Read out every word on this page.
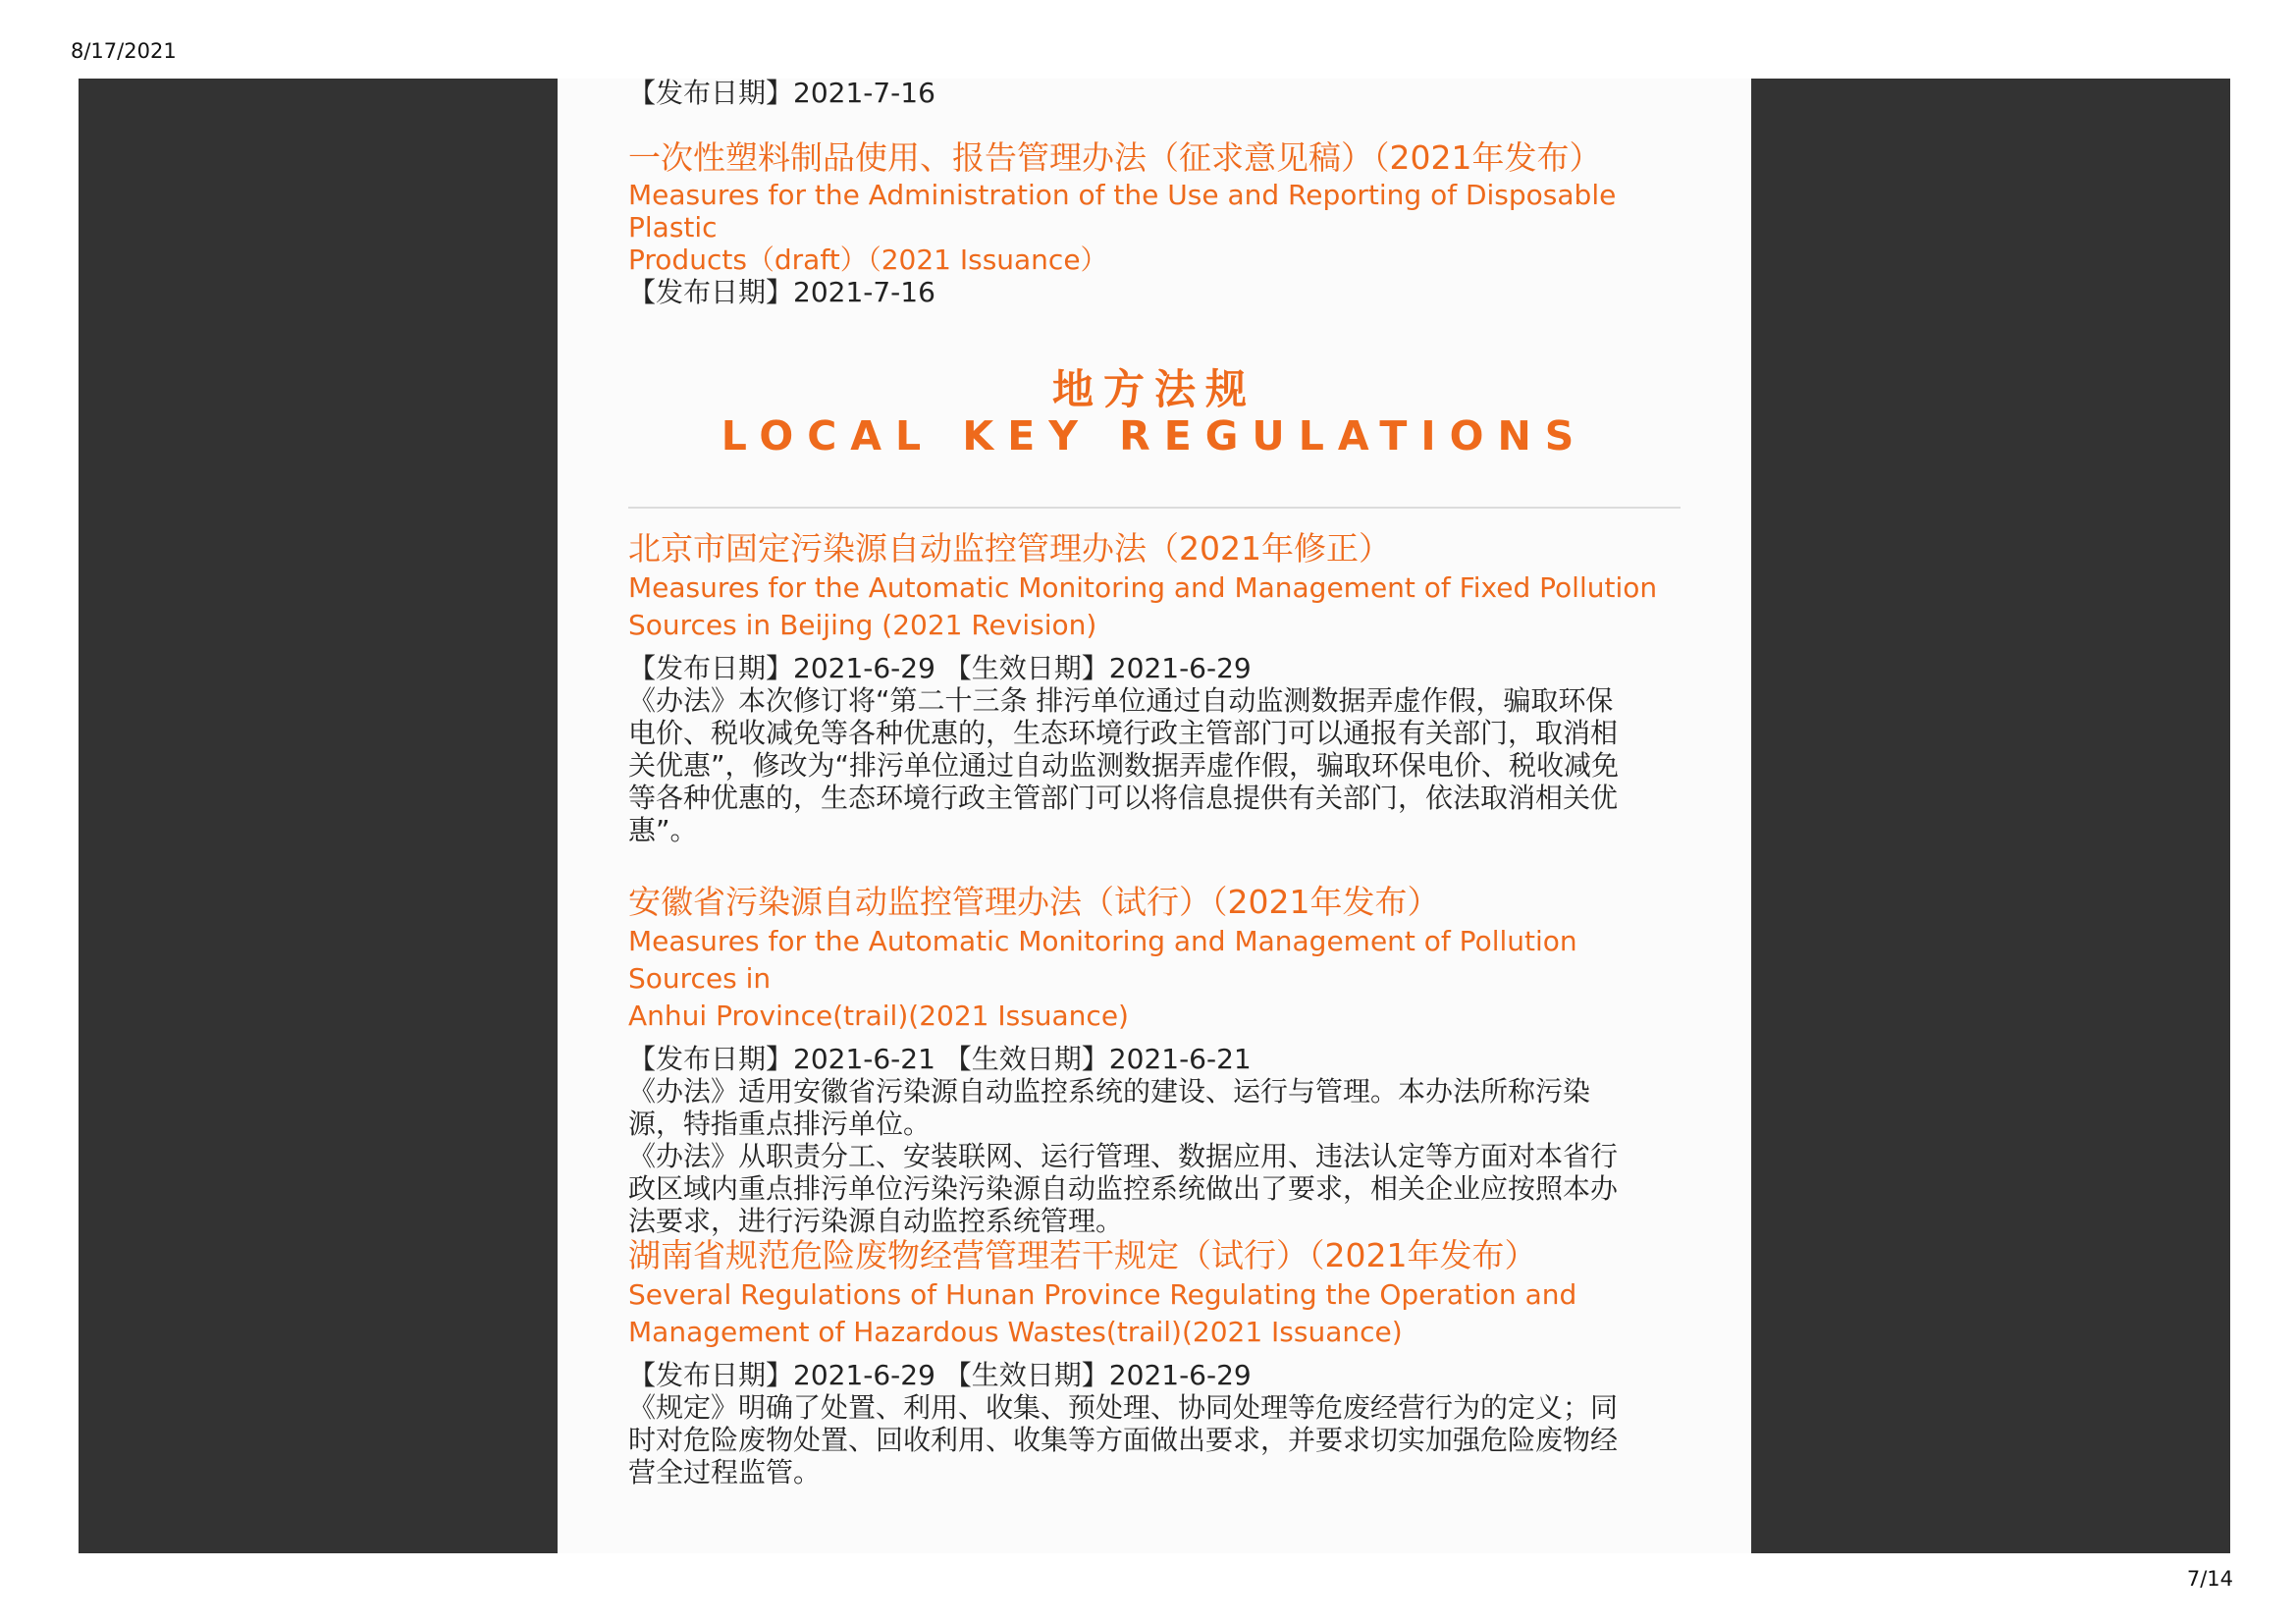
8/17/2021
【发布日期】2021-7-16
一次性塑料制品使用、报告管理办法（征求意见稿）（2021年发布）
Measures for the Administration of the Use and Reporting of Disposable Plastic
Products（draft）（2021 Issuance）
【发布日期】2021-7-16
地方法规
LOCAL KEY REGULATIONS
北京市固定污染源自动监控管理办法（2021年修正）
Measures for the Automatic Monitoring and Management of Fixed Pollution
Sources in Beijing (2021 Revision)
【发布日期】2021-6-29 【生效日期】2021-6-29
《办法》本次修订将“第二十三条 排污单位通过自动监测数据弄虚作假，骗取环保
电价、税收减免等各种优惠的，生态环境行政主管部门可以通报有关部门，取消相
关优惠”，修改为“排污单位通过自动监测数据弄虚作假，骗取环保电价、税收减免
等各种优惠的，生态环境行政主管部门可以将信息提供有关部门，依法取消相关优
惠”。
安徽省污染源自动监控管理办法（试行）（2021年发布）
Measures for the Automatic Monitoring and Management of Pollution Sources in
Anhui Province(trail)(2021 Issuance)
【发布日期】2021-6-21 【生效日期】2021-6-21
《办法》适用安徽省污染源自动监控系统的建设、运行与管理。本办法所称污染
源，特指重点排污单位。
《办法》从职责分工、安装联网、运行管理、数据应用、违法认定等方面对本省行
政区域内重点排污单位污染污染源自动监控系统做出了要求，相关企业应按照本办
法要求，进行污染源自动监控系统管理。
湖南省规范危险废物经营管理若干规定（试行）（2021年发布）
Several Regulations of Hunan Province Regulating the Operation and
Management of Hazardous Wastes(trail)(2021 Issuance)
【发布日期】2021-6-29 【生效日期】2021-6-29
《规定》明确了处置、利用、收集、预处理、协同处理等危废经营行为的定义；同
时对危险废物处置、回收利用、收集等方面做出要求，并要求切实加强危险废物经
营全过程监管。
7/14
